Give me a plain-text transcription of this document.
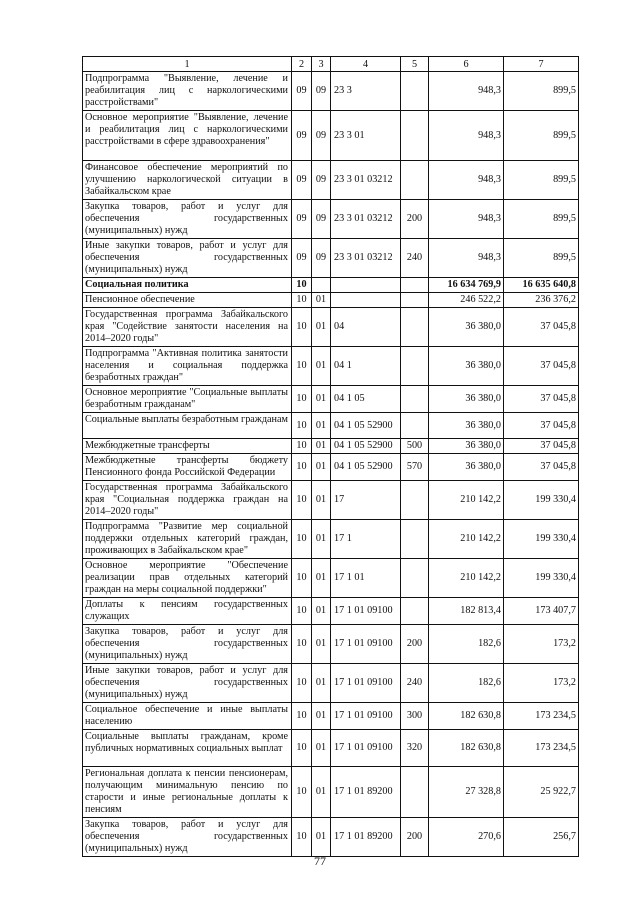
1	2	3	4	5	6	7
Подпрограмма "Выявление, лечение и реабилитация лиц с наркологическими расстройствами"	09	09	23 3		948,3	899,5
Основное мероприятие "Выявление, лечение и реабилитация лиц с наркологическими расстройствами в сфере здравоохранения"	09	09	23 3 01		948,3	899,5
Финансовое обеспечение мероприятий по улучшению наркологической ситуации в Забайкальском крае	09	09	23 3 01 03212		948,3	899,5
Закупка товаров, работ и услуг для обеспечения государственных (муниципальных) нужд	09	09	23 3 01 03212	200	948,3	899,5
Иные закупки товаров, работ и услуг для обеспечения государственных (муниципальных) нужд	09	09	23 3 01 03212	240	948,3	899,5
Социальная политика	10				16 634 769,9	16 635 640,8
Пенсионное обеспечение	10	01			246 522,2	236 376,2
Государственная программа Забайкальского края "Содействие занятости населения на 2014–2020 годы"	10	01	04		36 380,0	37 045,8
Подпрограмма "Активная политика занятости населения и социальная поддержка безработных граждан"	10	01	04 1		36 380,0	37 045,8
Основное мероприятие "Социальные выплаты безработным гражданам"	10	01	04 1 05		36 380,0	37 045,8
Социальные выплаты безработным гражданам	10	01	04 1 05 52900		36 380,0	37 045,8
Межбюджетные трансферты	10	01	04 1 05 52900	500	36 380,0	37 045,8
Межбюджетные трансферты бюджету Пенсионного фонда Российской Федерации	10	01	04 1 05 52900	570	36 380,0	37 045,8
Государственная программа Забайкальского края "Социальная поддержка граждан на 2014–2020 годы"	10	01	17		210 142,2	199 330,4
Подпрограмма "Развитие мер социальной поддержки отдельных категорий граждан, проживающих в Забайкальском крае"	10	01	17 1		210 142,2	199 330,4
Основное мероприятие "Обеспечение реализации прав отдельных категорий граждан на меры социальной поддержки"	10	01	17 1 01		210 142,2	199 330,4
Доплаты к пенсиям государственных служащих	10	01	17 1 01 09100		182 813,4	173 407,7
Закупка товаров, работ и услуг для обеспечения государственных (муниципальных) нужд	10	01	17 1 01 09100	200	182,6	173,2
Иные закупки товаров, работ и услуг для обеспечения государственных (муниципальных) нужд	10	01	17 1 01 09100	240	182,6	173,2
Социальное обеспечение и иные выплаты населению	10	01	17 1 01 09100	300	182 630,8	173 234,5
Социальные выплаты гражданам, кроме публичных нормативных социальных выплат	10	01	17 1 01 09100	320	182 630,8	173 234,5
Региональная доплата к пенсии пенсионерам, получающим минимальную пенсию по старости и иные региональные доплаты к пенсиям	10	01	17 1 01 89200		27 328,8	25 922,7
Закупка товаров, работ и услуг для обеспечения государственных (муниципальных) нужд	10	01	17 1 01 89200	200	270,6	256,7
77
